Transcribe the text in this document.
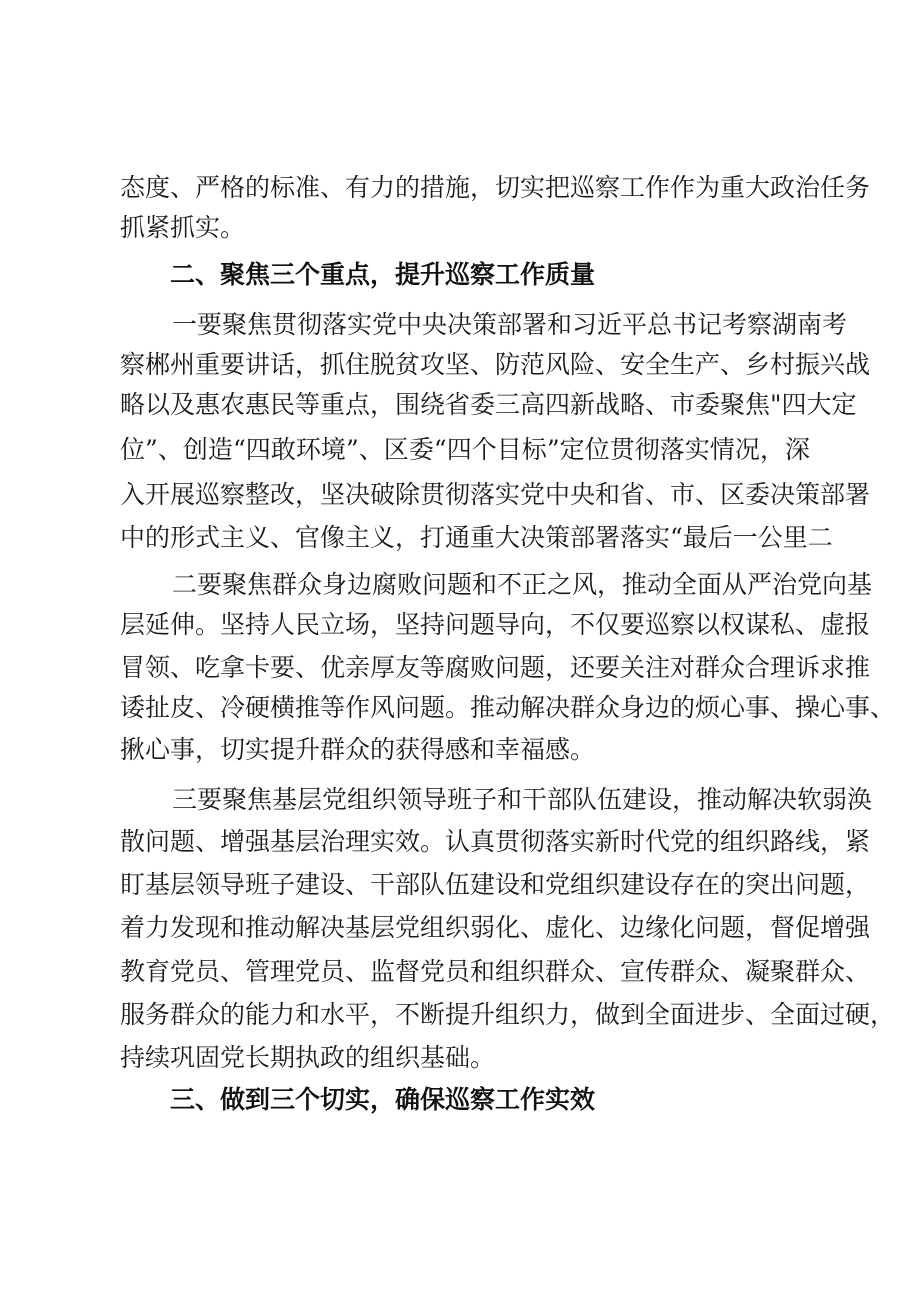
态度、严格的标准、有力的措施，切实把巡察工作作为重大政治任务
抓紧抓实。
二、聚焦三个重点，提升巡察工作质量
一要聚焦贯彻落实党中央决策部署和习近平总书记考察湖南考
察郴州重要讲话，抓住脱贫攻坚、防范风险、安全生产、乡村振兴战
略以及惠农惠民等重点，围绕省委三高四新战略、市委聚焦"四大定
位”、创造“四敢环境”、区委“四个目标”定位贯彻落实情况，深
入开展巡察整改，坚决破除贯彻落实党中央和省、市、区委决策部署
中的形式主义、官像主义，打通重大决策部署落实“最后一公里二
二要聚焦群众身边腐败问题和不正之风，推动全面从严治党向基
层延伸。坚持人民立场，坚持问题导向，不仅要巡察以权谋私、虚报
冒领、吃拿卡要、优亲厚友等腐败问题，还要关注对群众合理诉求推
诿扯皮、冷硬横推等作风问题。推动解决群众身边的烦心事、操心事、
揪心事，切实提升群众的获得感和幸福感。
三要聚焦基层党组织领导班子和干部队伍建设，推动解决软弱涣
散问题、增强基层治理实效。认真贯彻落实新时代党的组织路线，紧
盯基层领导班子建设、干部队伍建设和党组织建设存在的突出问题，
着力发现和推动解决基层党组织弱化、虚化、边缘化问题，督促增强
教育党员、管理党员、监督党员和组织群众、宣传群众、凝聚群众、
服务群众的能力和水平，不断提升组织力，做到全面进步、全面过硬，
持续巩固党长期执政的组织基础。
三、做到三个切实，确保巡察工作实效
